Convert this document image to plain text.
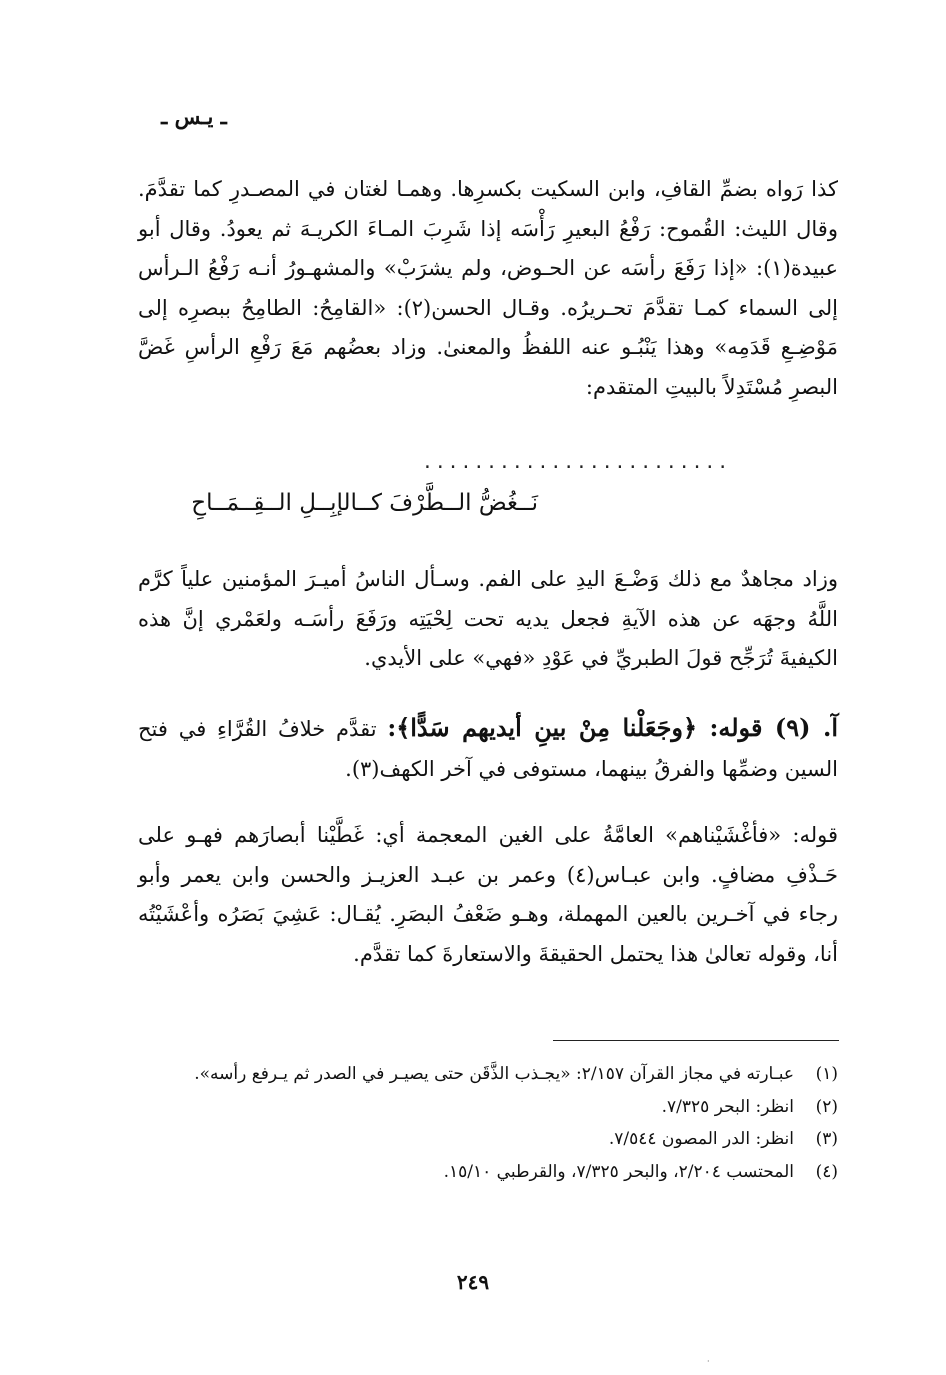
ـ يـس ـ
كذا رَواه بضمِّ القافِ، وابن السكيت بكسرِها. وهمـا لغتان في المصـدرِ كما تقدَّمَ. وقال الليث: القُموح: رَفْعُ البعيرِ رَأْسَه إذا شَرِبَ المـاءَ الكريـهَ ثم يعودُ. وقال أبو عبيدة(١): «إذا رَفَعَ رأسَه عن الحـوض، ولم يشرَبْ» والمشهـورُ أنـه رَفْعُ الـرأس إلى السماء كمـا تقدَّمَ تحـريرُه. وقـال الحسن(٢): «القامِحُ: الطامِحُ ببصرِه إلى مَوْضِـعِ قَدَمِه» وهذا يَنْبُـو عنه اللفظُ والمعنىٰ. وزاد بعضُهم مَعَ رَفْعِ الرأسِ غَضَّ البصرِ مُسْتَدِلاً بالبيتِ المتقدم:
........................
نَــغُضُّ الــطَّرْفَ كــالإبِــلِ الــقِــمَــاحِ
وزاد مجاهدٌ مع ذلك وَضْـعَ اليدِ على الفم. وسـأل الناسُ أميـرَ المؤمنين علياً كرَّم اللَّهُ وجهَه عن هذه الآيةِ فجعل يديه تحت لِحْيَتِه ورَفَعَ رأسَـه ولعَمْري إنَّ هذه الكيفيةَ تُرَجِّح قولَ الطبريِّ في عَوْدِ «فهي» على الأيدي.
آ. (٩) قوله: ﴿وجَعَلْنا مِنْ بينِ أيديهم سَدًّا﴾: تقدَّم خلافُ القُرَّاءِ في فتح السين وضمِّها والفرقُ بينهما، مستوفى في آخر الكهف(٣).
قوله: «فأغْشَيْناهم» العامَّةُ على الغين المعجمة أي: غَطَّيْنا أبصارَهم فهـو على حَـذْفِ مضافٍ. وابن عبـاس(٤) وعمر بن عبـد العزيـز والحسن وابن يعمر وأبو رجاء في آخـرين بالعين المهملة، وهـو ضَعْفُ البصَرِ. يُقـال: عَشِيَ بَصَرُه وأعْشَيْتُه أنا، وقوله تعالىٰ هذا يحتمل الحقيقةَ والاستعارةَ كما تقدَّم.
(١)
عبـارته في مجاز القرآن ٢/١٥٧: «يجـذب الذَّقَن حتى يصيـر في الصدر ثم يـرفع رأسه».
(٢)
انظر: البحر ٧/٣٢٥.
(٣)
انظر: الدر المصون ٧/٥٤٤.
(٤)
المحتسب ٢/٢٠٤، والبحر ٧/٣٢٥، والقرطبي ١٥/١٠.
٢٤٩
·
